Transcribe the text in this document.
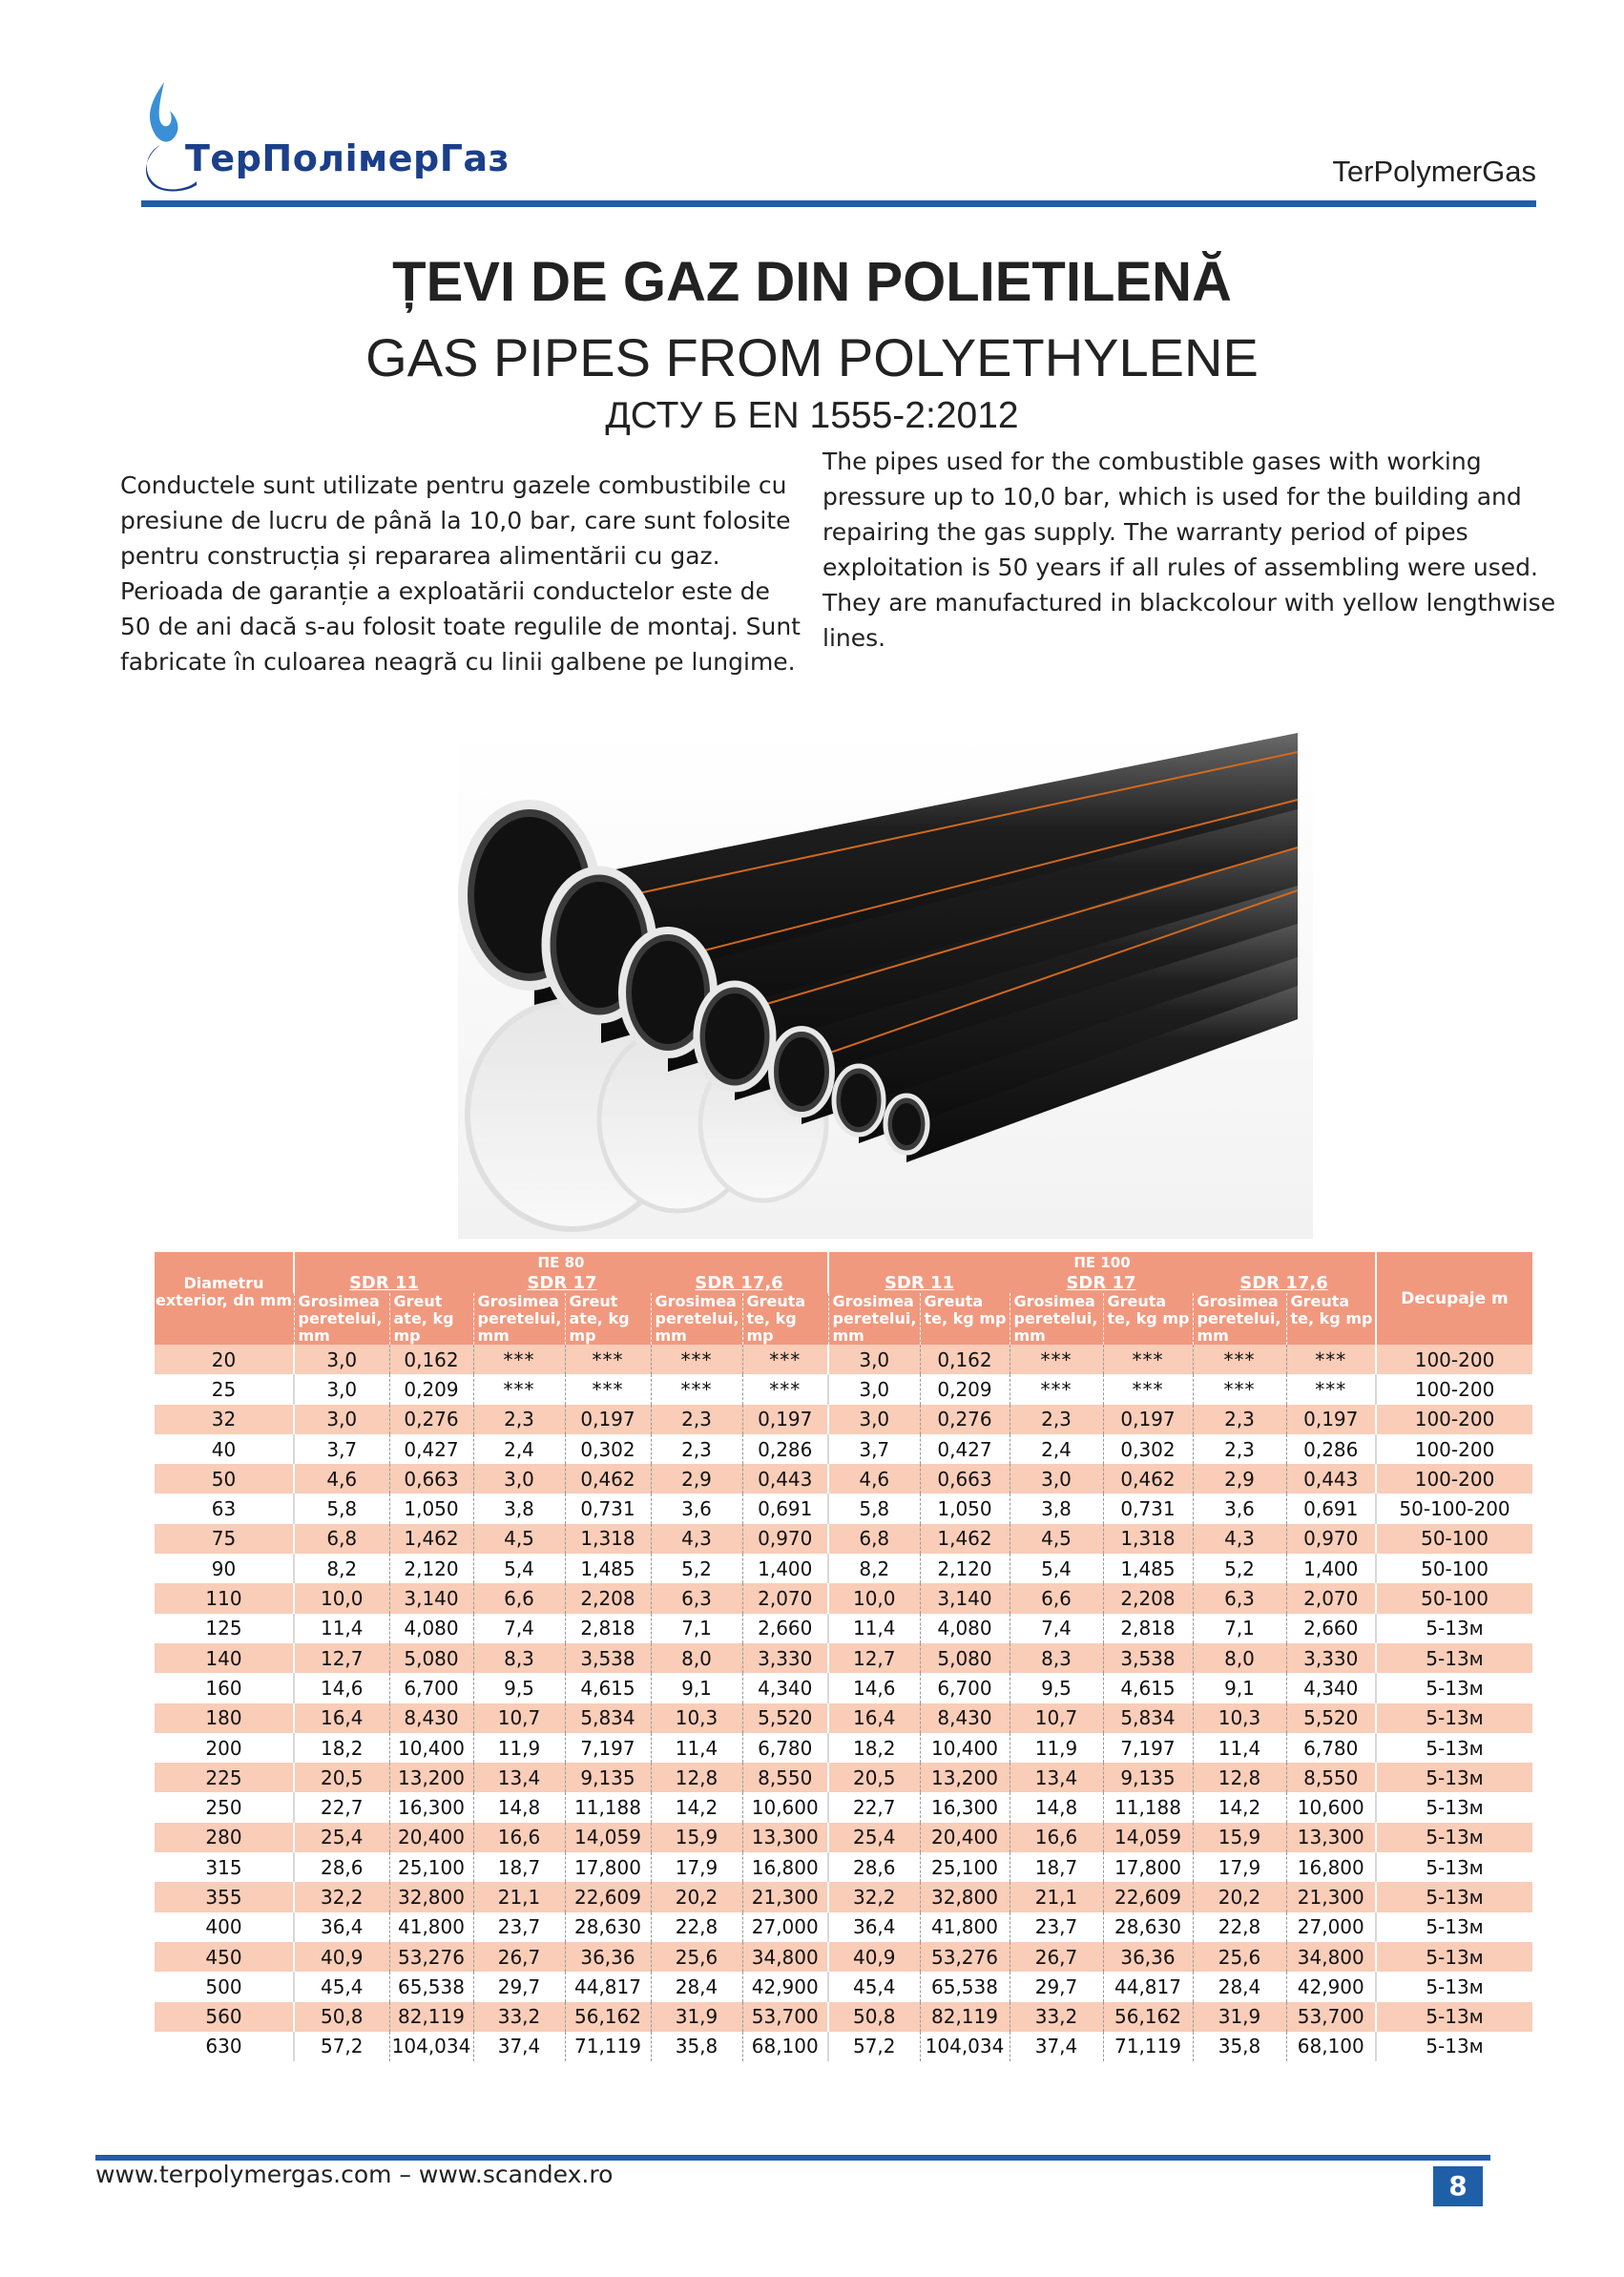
ТерПолімерГаз	TerPolymerGas
ȚEVI DE GAZ DIN POLIETILENĂ
GAS PIPES FROM POLYETHYLENE
ДСТУ Б EN 1555-2:2012
Conductele sunt utilizate pentru gazele combustibile cu presiune de lucru de până la 10,0 bar, care sunt folosite pentru construcția și repararea alimentării cu gaz. Perioada de garanție a exploatării conductelor este de 50 de ani dacă s-au folosit toate regulile de montaj. Sunt fabricate în culoarea neagră cu linii galbene pe lungime.
The pipes used for the combustible gases with working pressure up to 10,0 bar, which is used for the building and repairing the gas supply. The warranty period of pipes exploitation is 50 years if all rules of assembling were used. They are manufactured in blackcolour with yellow lengthwise lines.
Diametru exterior, dn mm	ПЕ 80						ПЕ 100						Decupaje m
	SDR 11		SDR 17		SDR 17,6		SDR 11		SDR 17		SDR 17,6		
	Grosimea peretelui, mm	Greut ate, kg mp	Grosimea peretelui, mm	Greut ate, kg mp	Grosimea peretelui, mm	Greuta te, kg mp	Grosimea peretelui, mm	Greuta te, kg mp	Grosimea peretelui, mm	Greuta te, kg mp	Grosimea peretelui, mm	Greuta te, kg mp	
20	3,0	0,162	***	***	***	***	3,0	0,162	***	***	***	***	100-200
25	3,0	0,209	***	***	***	***	3,0	0,209	***	***	***	***	100-200
32	3,0	0,276	2,3	0,197	2,3	0,197	3,0	0,276	2,3	0,197	2,3	0,197	100-200
40	3,7	0,427	2,4	0,302	2,3	0,286	3,7	0,427	2,4	0,302	2,3	0,286	100-200
50	4,6	0,663	3,0	0,462	2,9	0,443	4,6	0,663	3,0	0,462	2,9	0,443	100-200
63	5,8	1,050	3,8	0,731	3,6	0,691	5,8	1,050	3,8	0,731	3,6	0,691	50-100-200
75	6,8	1,462	4,5	1,318	4,3	0,970	6,8	1,462	4,5	1,318	4,3	0,970	50-100
90	8,2	2,120	5,4	1,485	5,2	1,400	8,2	2,120	5,4	1,485	5,2	1,400	50-100
110	10,0	3,140	6,6	2,208	6,3	2,070	10,0	3,140	6,6	2,208	6,3	2,070	50-100
125	11,4	4,080	7,4	2,818	7,1	2,660	11,4	4,080	7,4	2,818	7,1	2,660	5-13м
140	12,7	5,080	8,3	3,538	8,0	3,330	12,7	5,080	8,3	3,538	8,0	3,330	5-13м
160	14,6	6,700	9,5	4,615	9,1	4,340	14,6	6,700	9,5	4,615	9,1	4,340	5-13м
180	16,4	8,430	10,7	5,834	10,3	5,520	16,4	8,430	10,7	5,834	10,3	5,520	5-13м
200	18,2	10,400	11,9	7,197	11,4	6,780	18,2	10,400	11,9	7,197	11,4	6,780	5-13м
225	20,5	13,200	13,4	9,135	12,8	8,550	20,5	13,200	13,4	9,135	12,8	8,550	5-13м
250	22,7	16,300	14,8	11,188	14,2	10,600	22,7	16,300	14,8	11,188	14,2	10,600	5-13м
280	25,4	20,400	16,6	14,059	15,9	13,300	25,4	20,400	16,6	14,059	15,9	13,300	5-13м
315	28,6	25,100	18,7	17,800	17,9	16,800	28,6	25,100	18,7	17,800	17,9	16,800	5-13м
355	32,2	32,800	21,1	22,609	20,2	21,300	32,2	32,800	21,1	22,609	20,2	21,300	5-13м
400	36,4	41,800	23,7	28,630	22,8	27,000	36,4	41,800	23,7	28,630	22,8	27,000	5-13м
450	40,9	53,276	26,7	36,36	25,6	34,800	40,9	53,276	26,7	36,36	25,6	34,800	5-13м
500	45,4	65,538	29,7	44,817	28,4	42,900	45,4	65,538	29,7	44,817	28,4	42,900	5-13м
560	50,8	82,119	33,2	56,162	31,9	53,700	50,8	82,119	33,2	56,162	31,9	53,700	5-13м
630	57,2	104,034	37,4	71,119	35,8	68,100	57,2	104,034	37,4	71,119	35,8	68,100	5-13м
www.terpolymergas.com – www.scandex.ro	8
